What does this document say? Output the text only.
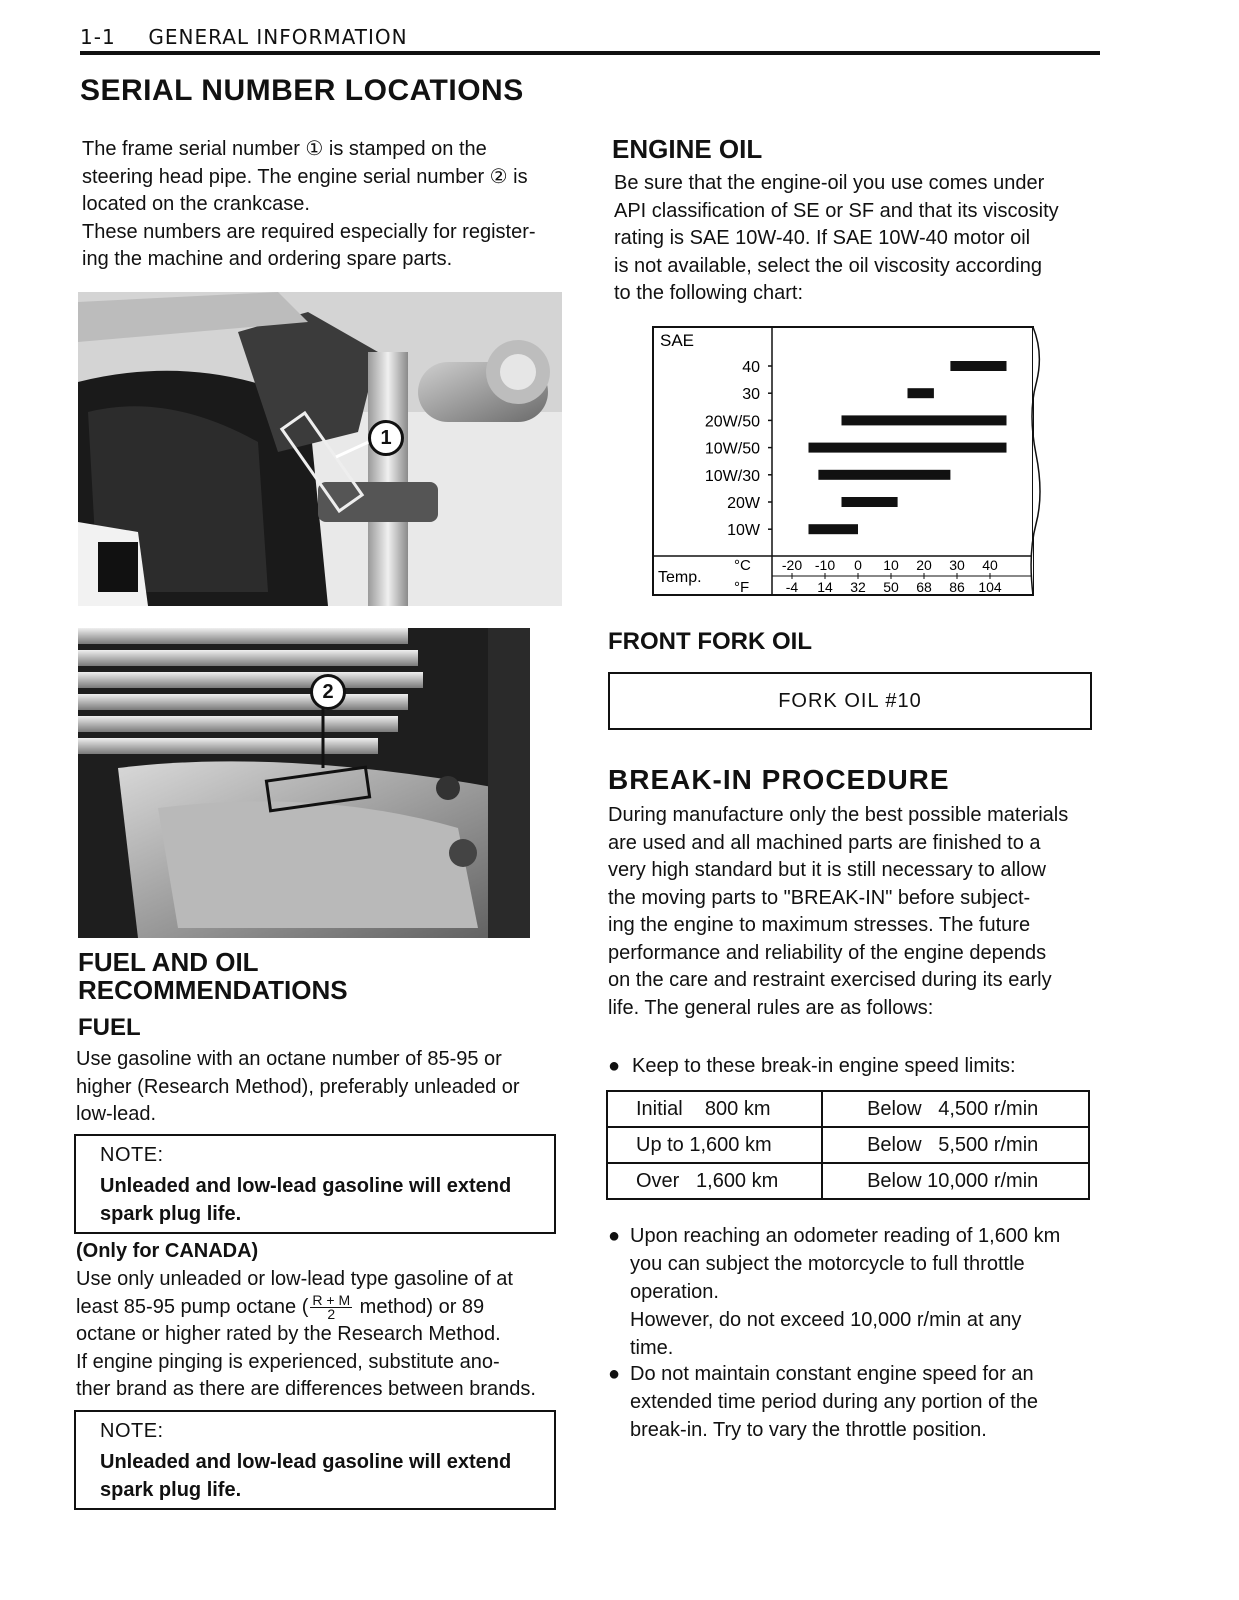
1-1 GENERAL INFORMATION
SERIAL NUMBER LOCATIONS
The frame serial number ① is stamped on the
steering head pipe. The engine serial number ② is
located on the crankcase.
These numbers are required especially for register-
ing the machine and ordering spare parts.
1
2
FUEL AND OIL
RECOMMENDATIONS
FUEL
Use gasoline with an octane number of 85-95 or
higher (Research Method), preferably unleaded or
low-lead.
NOTE:
Unleaded and low-lead gasoline will extend
spark plug life.
(Only for CANADA)
Use only unleaded or low-lead type gasoline of at
least 85-95 pump octane ( $\frac{R + M}{2}$ method) or 89
octane or higher rated by the Research Method.
If engine pinging is experienced, substitute ano-
ther brand as there are differences between brands.
NOTE:
Unleaded and low-lead gasoline will extend
spark plug life.
ENGINE OIL
Be sure that the engine-oil you use comes under
API classification of SE or SF and that its viscosity
rating is SAE 10W-40. If SAE 10W-40 motor oil
is not available, select the oil viscosity according
to the following chart:
SAE
Temp.
°C
°F
40
30
20W/50
10W/50
10W/30
20W
10W
-20
-4
-10
14
0
32
10
50
20
68
30
86
40
104
FRONT FORK OIL
FORK OIL #10
BREAK-IN PROCEDURE
During manufacture only the best possible materials
are used and all machined parts are finished to a
very high standard but it is still necessary to allow
the moving parts to "BREAK-IN" before subject-
ing the engine to maximum stresses. The future
performance and reliability of the engine depends
on the care and restraint exercised during its early
life. The general rules are as follows:
● Keep to these break-in engine speed limits:
Initial    800 km	Below   4,500 r/min
Up to 1,600 km	Below   5,500 r/min
Over   1,600 km	Below 10,000 r/min
● Upon reaching an odometer reading of 1,600 km
you can subject the motorcycle to full throttle
operation.
However, do not exceed 10,000 r/min at any
time.
● Do not maintain constant engine speed for an
extended time period during any portion of the
break-in. Try to vary the throttle position.
